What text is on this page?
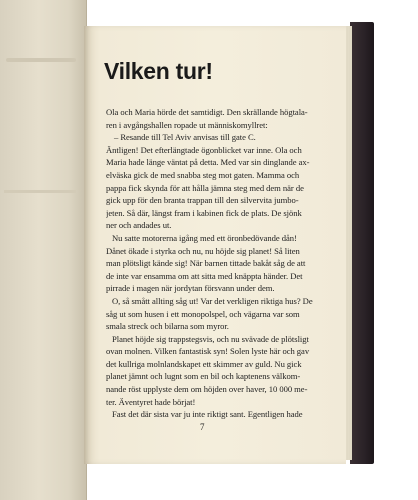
Vilken tur!
Ola och Maria hörde det samtidigt. Den skrällande högtala-
ren i avgångshallen ropade ut människomyllret:
– Resande till Tel Aviv anvisas till gate C.
Äntligen! Det efterlängtade ögonblicket var inne. Ola och
Maria hade länge väntat på detta. Med var sin dinglande ax-
elväska gick de med snabba steg mot gaten. Mamma och
pappa fick skynda för att hålla jämna steg med dem när de
gick upp för den branta trappan till den silvervita jumbo-
jeten. Så där, längst fram i kabinen fick de plats. De sjönk
ner och andades ut.
Nu satte motorerna igång med ett öronbedövande dån!
Dånet ökade i styrka och nu, nu höjde sig planet! Så liten
man plötsligt kände sig! När barnen tittade bakåt såg de att
de inte var ensamma om att sitta med knäppta händer. Det
pirrade i magen när jordytan försvann under dem.
O, så smått allting såg ut! Var det verkligen riktiga hus? De
såg ut som husen i ett monopolspel, och vägarna var som
smala streck och bilarna som myror.
Planet höjde sig trappstegsvis, och nu svävade de plötsligt
ovan molnen. Vilken fantastisk syn! Solen lyste här och gav
det kullriga molnlandskapet ett skimmer av guld. Nu gick
planet jämnt och lugnt som en bil och kaptenens välkom-
nande röst upplyste dem om höjden over haver, 10 000 me-
ter. Äventyret hade börjat!
Fast det där sista var ju inte riktigt sant. Egentligen hade
7
